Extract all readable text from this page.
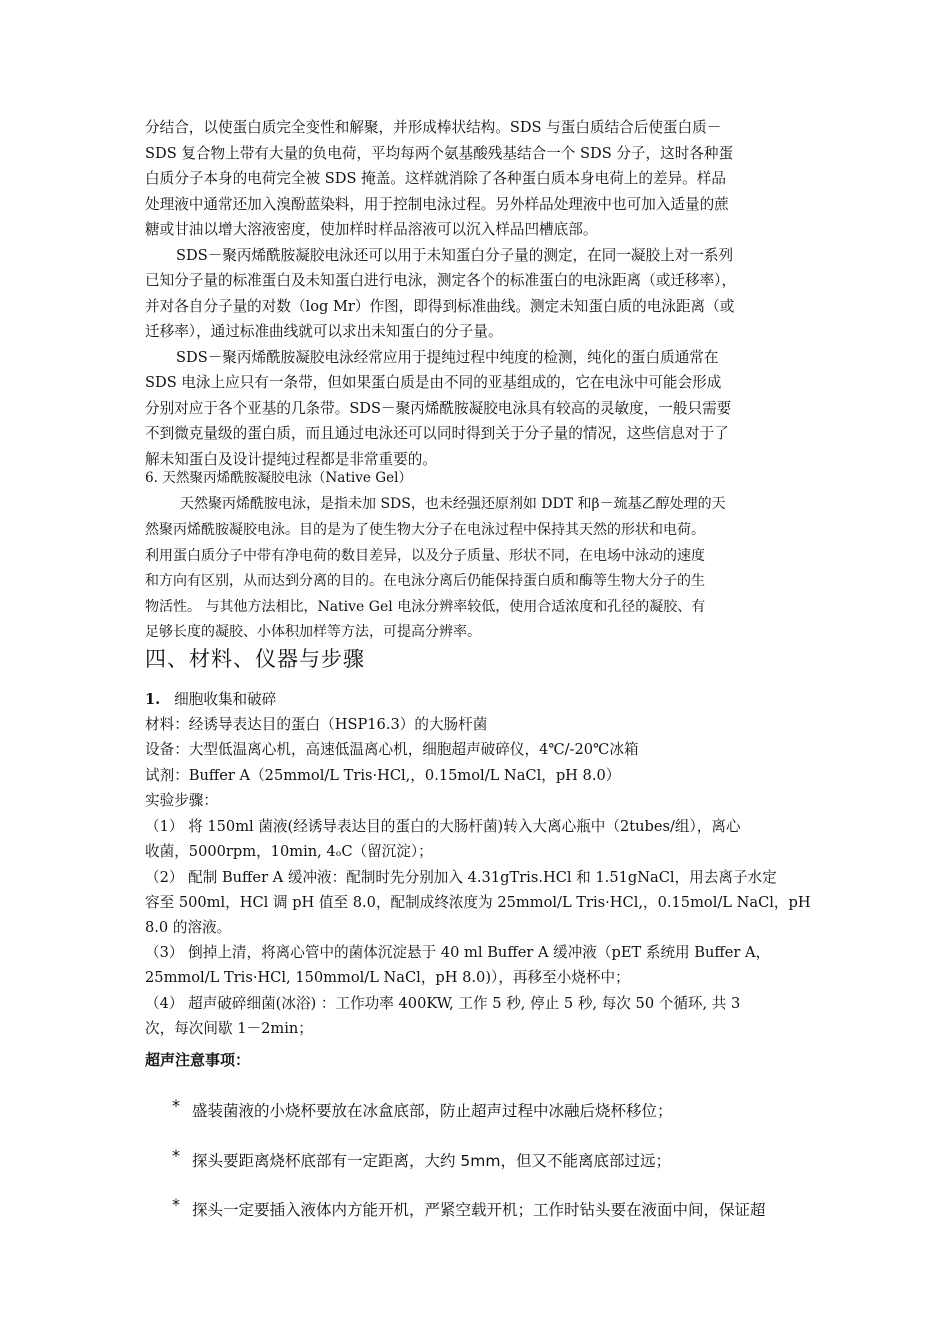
分结合，以使蛋白质完全变性和解聚，并形成棒状结构。SDS 与蛋白质结合后使蛋白质－
SDS 复合物上带有大量的负电荷，平均每两个氨基酸残基结合一个 SDS 分子，这时各种蛋
白质分子本身的电荷完全被 SDS 掩盖。这样就消除了各种蛋白质本身电荷上的差异。样品
处理液中通常还加入溴酚蓝染料，用于控制电泳过程。另外样品处理液中也可加入适量的蔗
糖或甘油以增大溶液密度，使加样时样品溶液可以沉入样品凹槽底部。
SDS－聚丙烯酰胺凝胶电泳还可以用于未知蛋白分子量的测定，在同一凝胶上对一系列
已知分子量的标准蛋白及未知蛋白进行电泳，测定各个的标准蛋白的电泳距离（或迁移率），
并对各自分子量的对数（log Mr）作图，即得到标准曲线。测定未知蛋白质的电泳距离（或
迁移率），通过标准曲线就可以求出未知蛋白的分子量。
SDS－聚丙烯酰胺凝胶电泳经常应用于提纯过程中纯度的检测，纯化的蛋白质通常在
SDS 电泳上应只有一条带，但如果蛋白质是由不同的亚基组成的，它在电泳中可能会形成
分别对应于各个亚基的几条带。SDS－聚丙烯酰胺凝胶电泳具有较高的灵敏度，一般只需要
不到微克量级的蛋白质，而且通过电泳还可以同时得到关于分子量的情况，这些信息对于了
解未知蛋白及设计提纯过程都是非常重要的。
6. 天然聚丙烯酰胺凝胶电泳（Native Gel）
天然聚丙烯酰胺电泳，是指未加 SDS，也未经强还原剂如 DDT 和β－巯基乙醇处理的天
然聚丙烯酰胺凝胶电泳。目的是为了使生物大分子在电泳过程中保持其天然的形状和电荷。
利用蛋白质分子中带有净电荷的数目差异，以及分子质量、形状不同，在电场中泳动的速度
和方向有区别，从而达到分离的目的。在电泳分离后仍能保持蛋白质和酶等生物大分子的生
物活性。 与其他方法相比，Native Gel 电泳分辨率较低，使用合适浓度和孔径的凝胶、有
足够长度的凝胶、小体积加样等方法，可提高分辨率。
四、材料、仪器与步骤
1. 细胞收集和破碎
材料：经诱导表达目的蛋白（HSP16.3）的大肠杆菌
设备：大型低温离心机，高速低温离心机，细胞超声破碎仪，4℃/-20℃冰箱
试剂：Buffer A（25mmol/L Tris·HCl,，0.15mol/L NaCl，pH 8.0）
实验步骤：
（1） 将 150ml 菌液(经诱导表达目的蛋白的大肠杆菌)转入大离心瓶中（2tubes/组），离心
收菌，5000rpm，10min, 4ₒC（留沉淀）；
（2） 配制 Buffer A 缓冲液：配制时先分别加入 4.31gTris.HCl 和 1.51gNaCl，用去离子水定
容至 500ml，HCl 调 pH 值至 8.0，配制成终浓度为 25mmol/L Tris·HCl,，0.15mol/L NaCl，pH
8.0 的溶液。
（3） 倒掉上清，将离心管中的菌体沉淀悬于 40 ml Buffer A 缓冲液（pET 系统用 Buffer A，
25mmol/L Tris·HCl, 150mmol/L NaCl，pH 8.0)），再移至小烧杯中；
（4） 超声破碎细菌(冰浴) ：工作功率 400KW, 工作 5 秒, 停止 5 秒, 每次 50 个循环, 共 3
次，每次间歇 1－2min；
超声注意事项：
* 盛装菌液的小烧杯要放在冰盒底部，防止超声过程中冰融后烧杯移位；
* 探头要距离烧杯底部有一定距离，大约 5mm，但又不能离底部过远；
* 探头一定要插入液体内方能开机，严紧空载开机；工作时钻头要在液面中间，保证超
